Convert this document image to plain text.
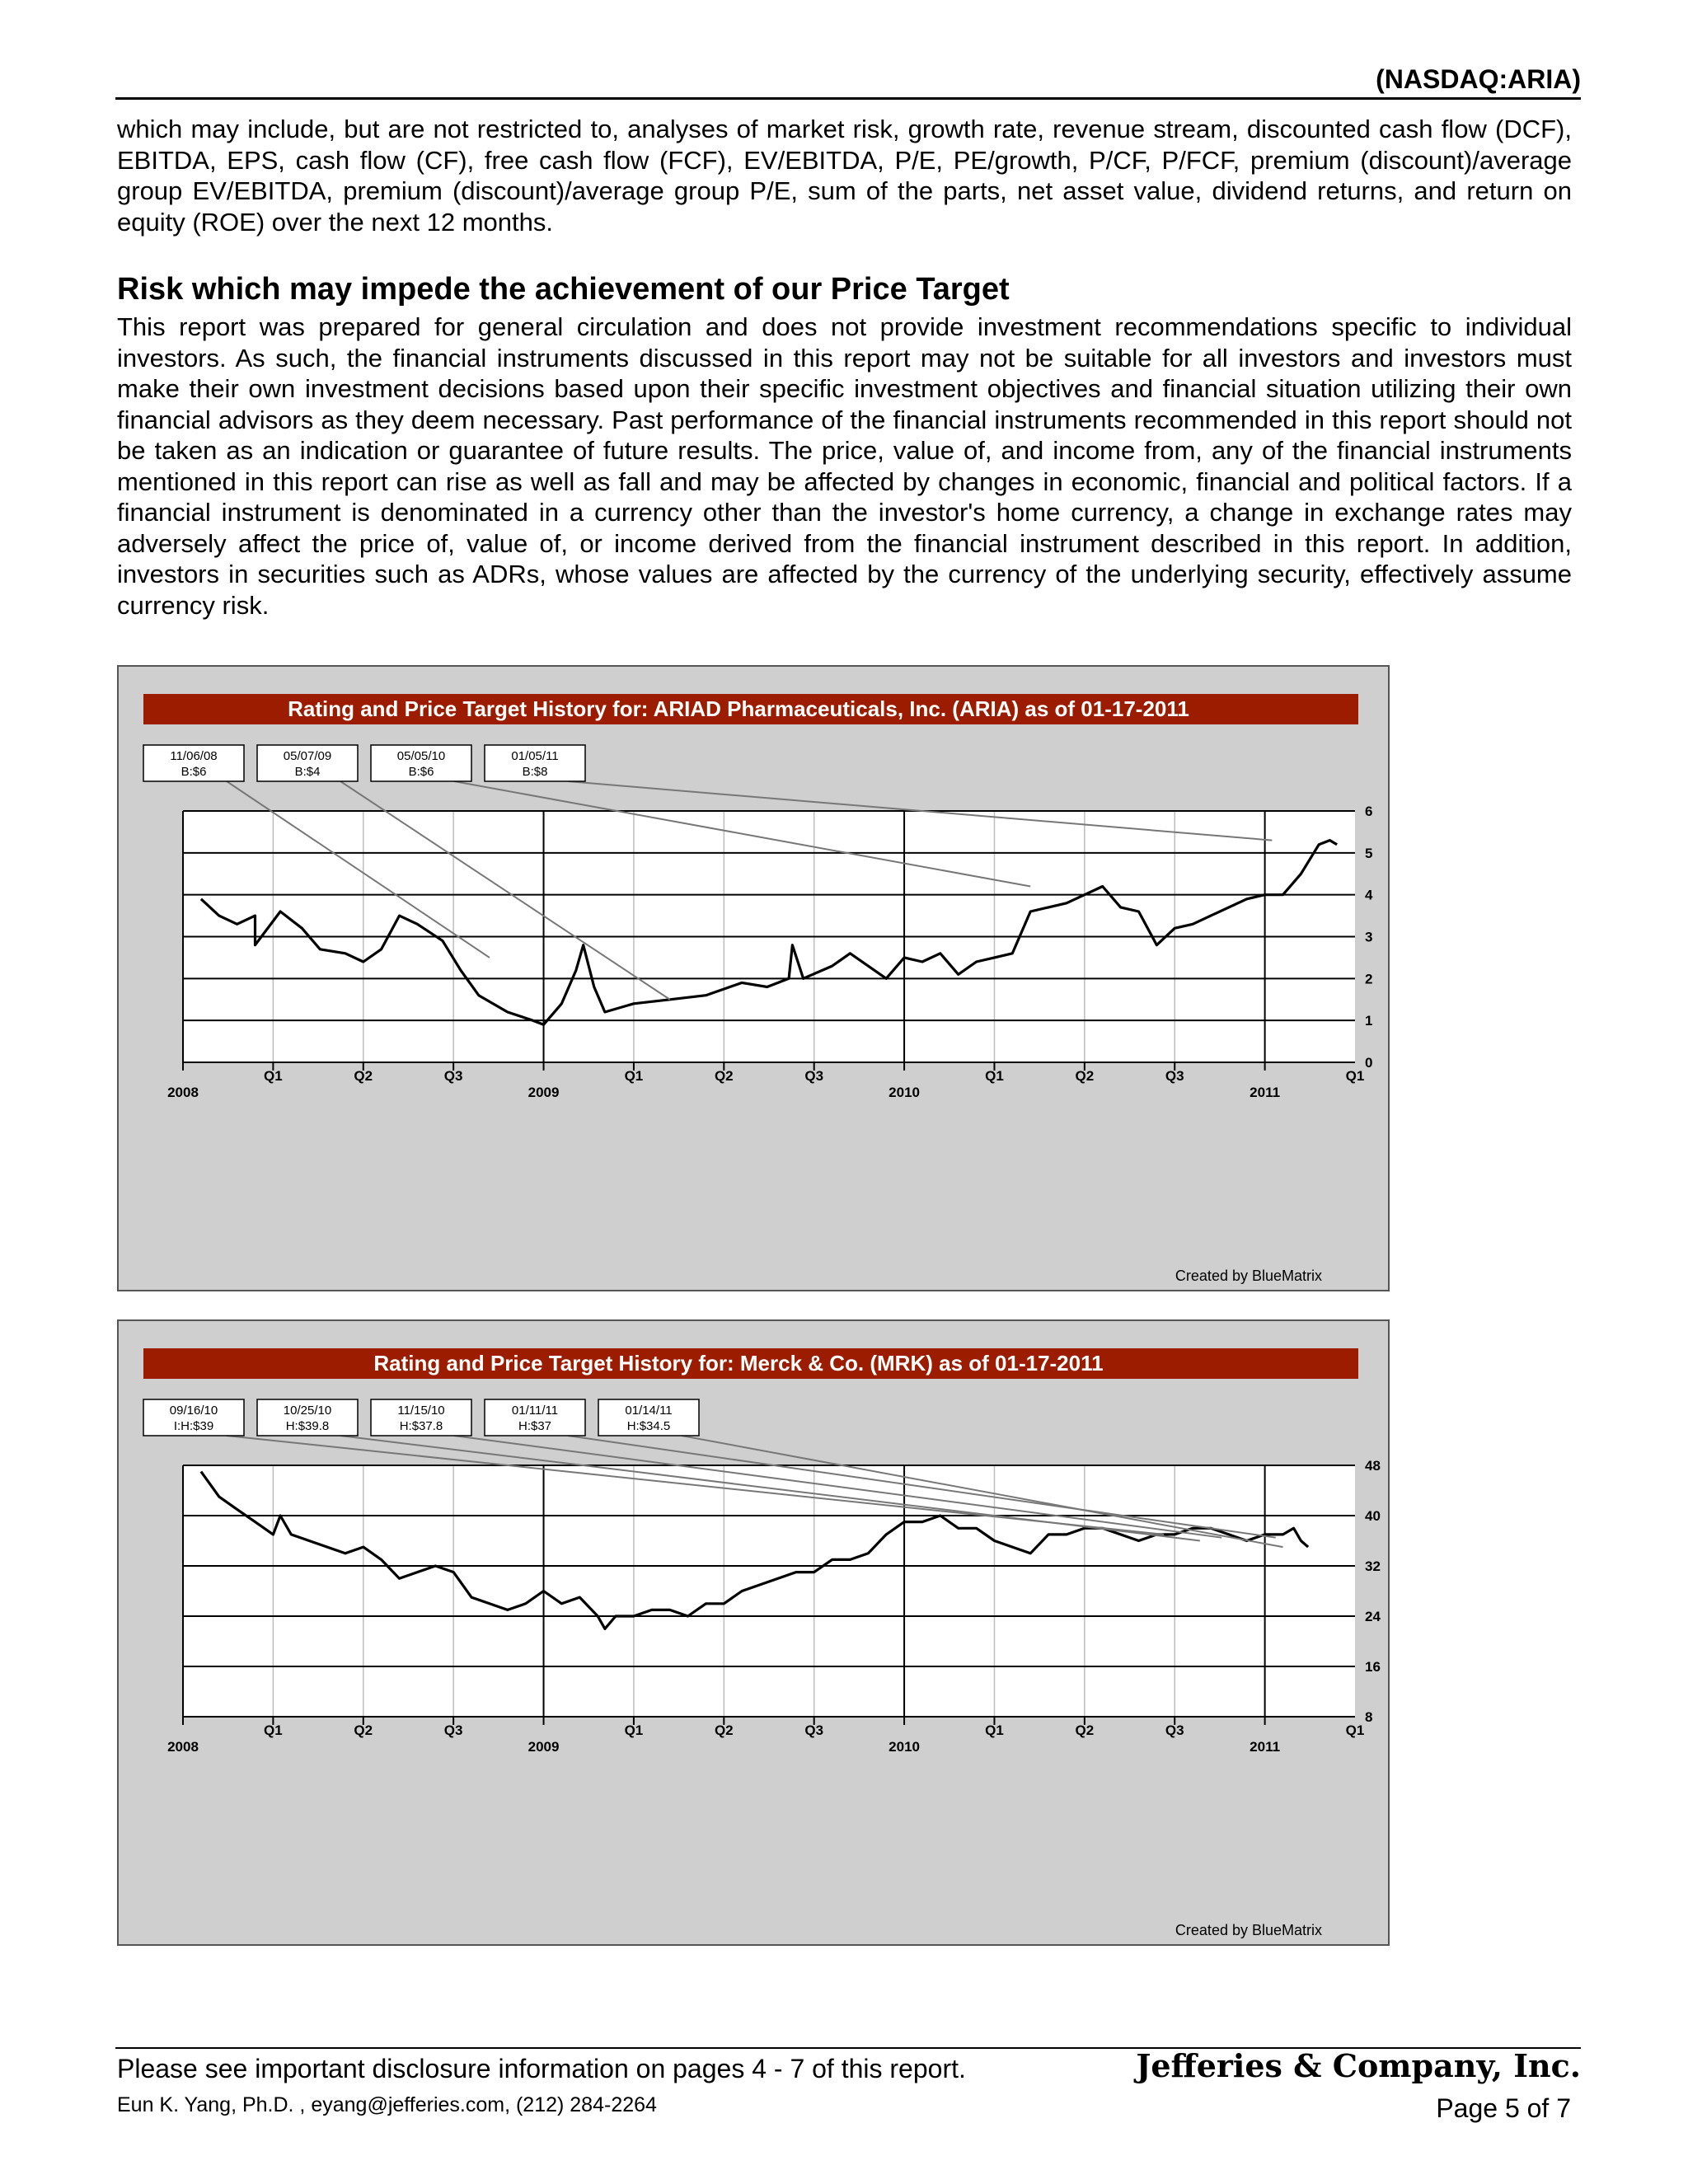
(NASDAQ:ARIA)
which may include, but are not restricted to, analyses of market risk, growth rate, revenue stream, discounted cash flow (DCF), EBITDA, EPS, cash flow (CF), free cash flow (FCF), EV/EBITDA, P/E, PE/growth, P/CF, P/FCF, premium (discount)/average group EV/EBITDA, premium (discount)/average group P/E, sum of the parts, net asset value, dividend returns, and return on equity (ROE) over the next 12 months.
Risk which may impede the achievement of our Price Target
This report was prepared for general circulation and does not provide investment recommendations specific to individual investors. As such, the financial instruments discussed in this report may not be suitable for all investors and investors must make their own investment decisions based upon their specific investment objectives and financial situation utilizing their own financial advisors as they deem necessary. Past performance of the financial instruments recommended in this report should not be taken as an indication or guarantee of future results. The price, value of, and income from, any of the financial instruments mentioned in this report can rise as well as fall and may be affected by changes in economic, financial and political factors. If a financial instrument is denominated in a currency other than the investor's home currency, a change in exchange rates may adversely affect the price of, value of, or income derived from the financial instrument described in this report. In addition, investors in securities such as ADRs, whose values are affected by the currency of the underlying security, effectively assume currency risk.
Rating and Price Target History for: ARIAD Pharmaceuticals, Inc. (ARIA) as of 01-17-2011
0
1
2
3
4
5
6
Q1	Q2	Q3	Q1	Q2	Q3	Q1	Q2	Q3	Q1
2008	2009	2010	2011
11/06/08
B:$6
05/07/09
B:$4
05/05/10
B:$6
01/05/11
B:$8
Created by BlueMatrix
Rating and Price Target History for: Merck & Co. (MRK) as of 01-17-2011
8
16
24
32
40
48
Q1	Q2	Q3	Q1	Q2	Q3	Q1	Q2	Q3	Q1
2008	2009	2010	2011
09/16/10
I:H:$39
10/25/10
H:$39.8
11/15/10
H:$37.8
01/11/11
H:$37
01/14/11
H:$34.5
Created by BlueMatrix
Please see important disclosure information on pages 4 - 7 of this report.
Eun K. Yang, Ph.D. , eyang@jefferies.com, (212) 284-2264
Jefferies & Company, Inc.
Page 5 of 7
